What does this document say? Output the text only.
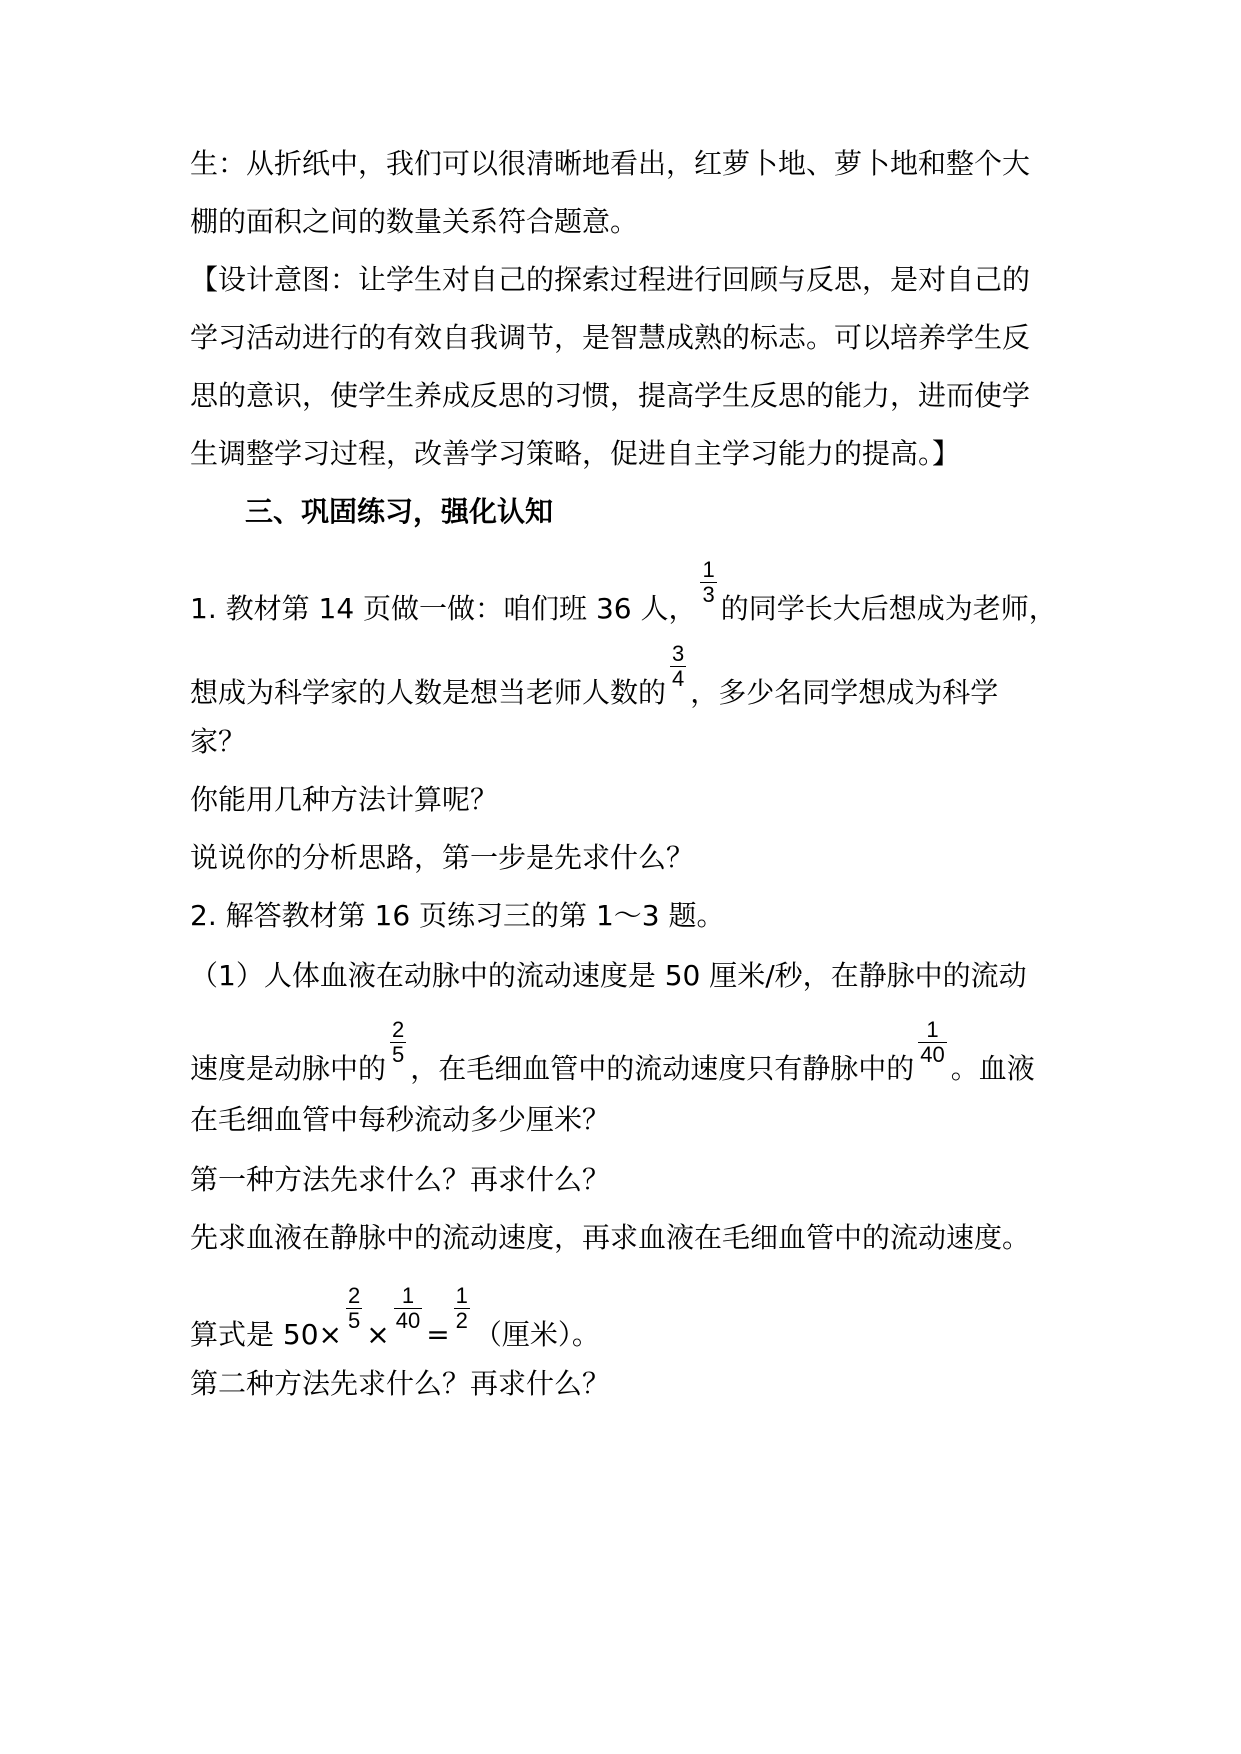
生：从折纸中，我们可以很清晰地看出，红萝卜地、萝卜地和整个大
棚的面积之间的数量关系符合题意。
【设计意图：让学生对自己的探索过程进行回顾与反思，是对自己的
学习活动进行的有效自我调节，是智慧成熟的标志。可以培养学生反
思的意识，使学生养成反思的习惯，提高学生反思的能力，进而使学
生调整学习过程，改善学习策略，促进自主学习能力的提高。】
三、巩固练习，强化认知
1. 教材第 14 页做一做：咱们班 36 人，
$\frac{1}{3}$
的同学长大后想成为老师，
想成为科学家的人数是想当老师人数的
$\frac{3}{4}$
，多少名同学想成为科学
家？
你能用几种方法计算呢？
说说你的分析思路，第一步是先求什么？
2. 解答教材第 16 页练习三的第 1～3 题。
（1）人体血液在动脉中的流动速度是 50 厘米/秒，在静脉中的流动
速度是动脉中的
$\frac{2}{5}$
，在毛细血管中的流动速度只有静脉中的
$\frac{1}{40}$
。血液
在毛细血管中每秒流动多少厘米？
第一种方法先求什么？再求什么？
先求血液在静脉中的流动速度，再求血液在毛细血管中的流动速度。
算式是 50×
$\frac{2}{5}$
×
$\frac{1}{40}$
=
$\frac{1}{2}$
（厘米）。
第二种方法先求什么？再求什么？
